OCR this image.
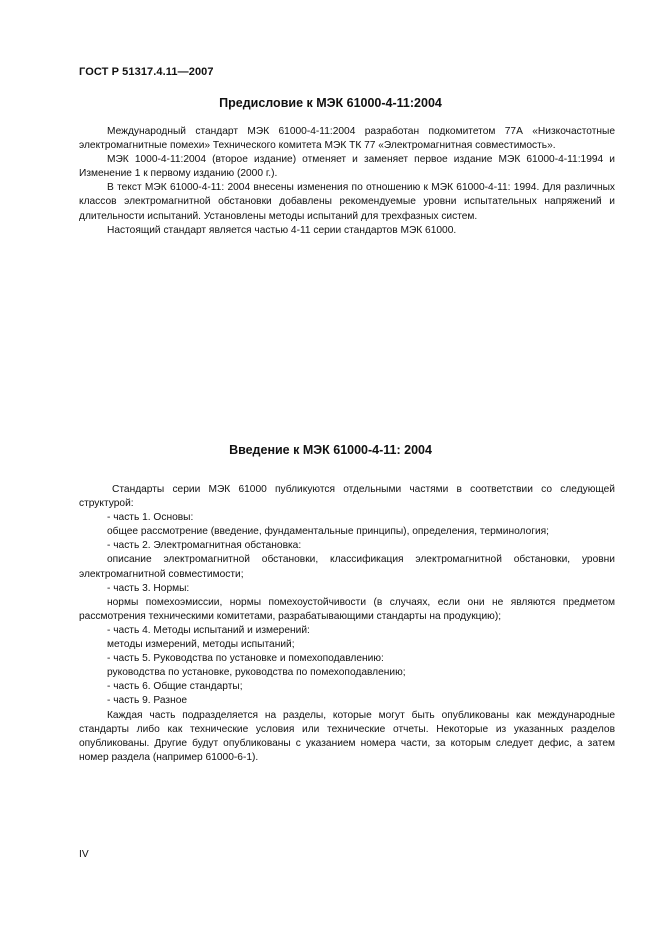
ГОСТ Р 51317.4.11—2007
Предисловие к МЭК 61000-4-11:2004

Международный стандарт МЭК 61000-4-11:2004 разработан подкомитетом 77А «Низкочастотные электромагнитные помехи» Технического комитета МЭК ТК 77 «Электромагнитная совместимость».

МЭК 1000-4-11:2004 (второе издание) отменяет и заменяет первое издание МЭК 61000-4-11:1994 и Изменение 1 к первому изданию (2000 г.).

В текст МЭК 61000-4-11: 2004 внесены изменения по отношению к МЭК 61000-4-11: 1994. Для различных классов электромагнитной обстановки добавлены рекомендуемые уровни испытательных напряжений и длительности испытаний. Установлены методы испытаний для трехфазных систем.

Настоящий стандарт является частью 4-11 серии стандартов МЭК 61000.

Введение к МЭК 61000-4-11: 2004

Стандарты серии МЭК 61000 публикуются отдельными частями в соответствии со следующей структурой:

- часть 1. Основы:

общее рассмотрение (введение, фундаментальные принципы), определения, терминология;

- часть 2. Электромагнитная обстановка:

описание электромагнитной обстановки, классификация электромагнитной обстановки, уровни электромагнитной совместимости;

- часть 3. Нормы:

нормы помехоэмиссии, нормы помехоустойчивости (в случаях, если они не являются предметом рассмотрения техническими комитетами, разрабатывающими стандарты на продукцию);

- часть 4. Методы испытаний и измерений:

методы измерений, методы испытаний;

- часть 5. Руководства по установке и помехоподавлению:

руководства по установке, руководства по помехоподавлению;

- часть 6. Общие стандарты;

- часть 9. Разное

Каждая часть подразделяется на разделы, которые могут быть опубликованы как международные стандарты либо как технические условия или технические отчеты. Некоторые из указанных разделов опубликованы. Другие будут опубликованы с указанием номера части, за которым следует дефис, а затем номер раздела (например 61000-6-1).

IV
